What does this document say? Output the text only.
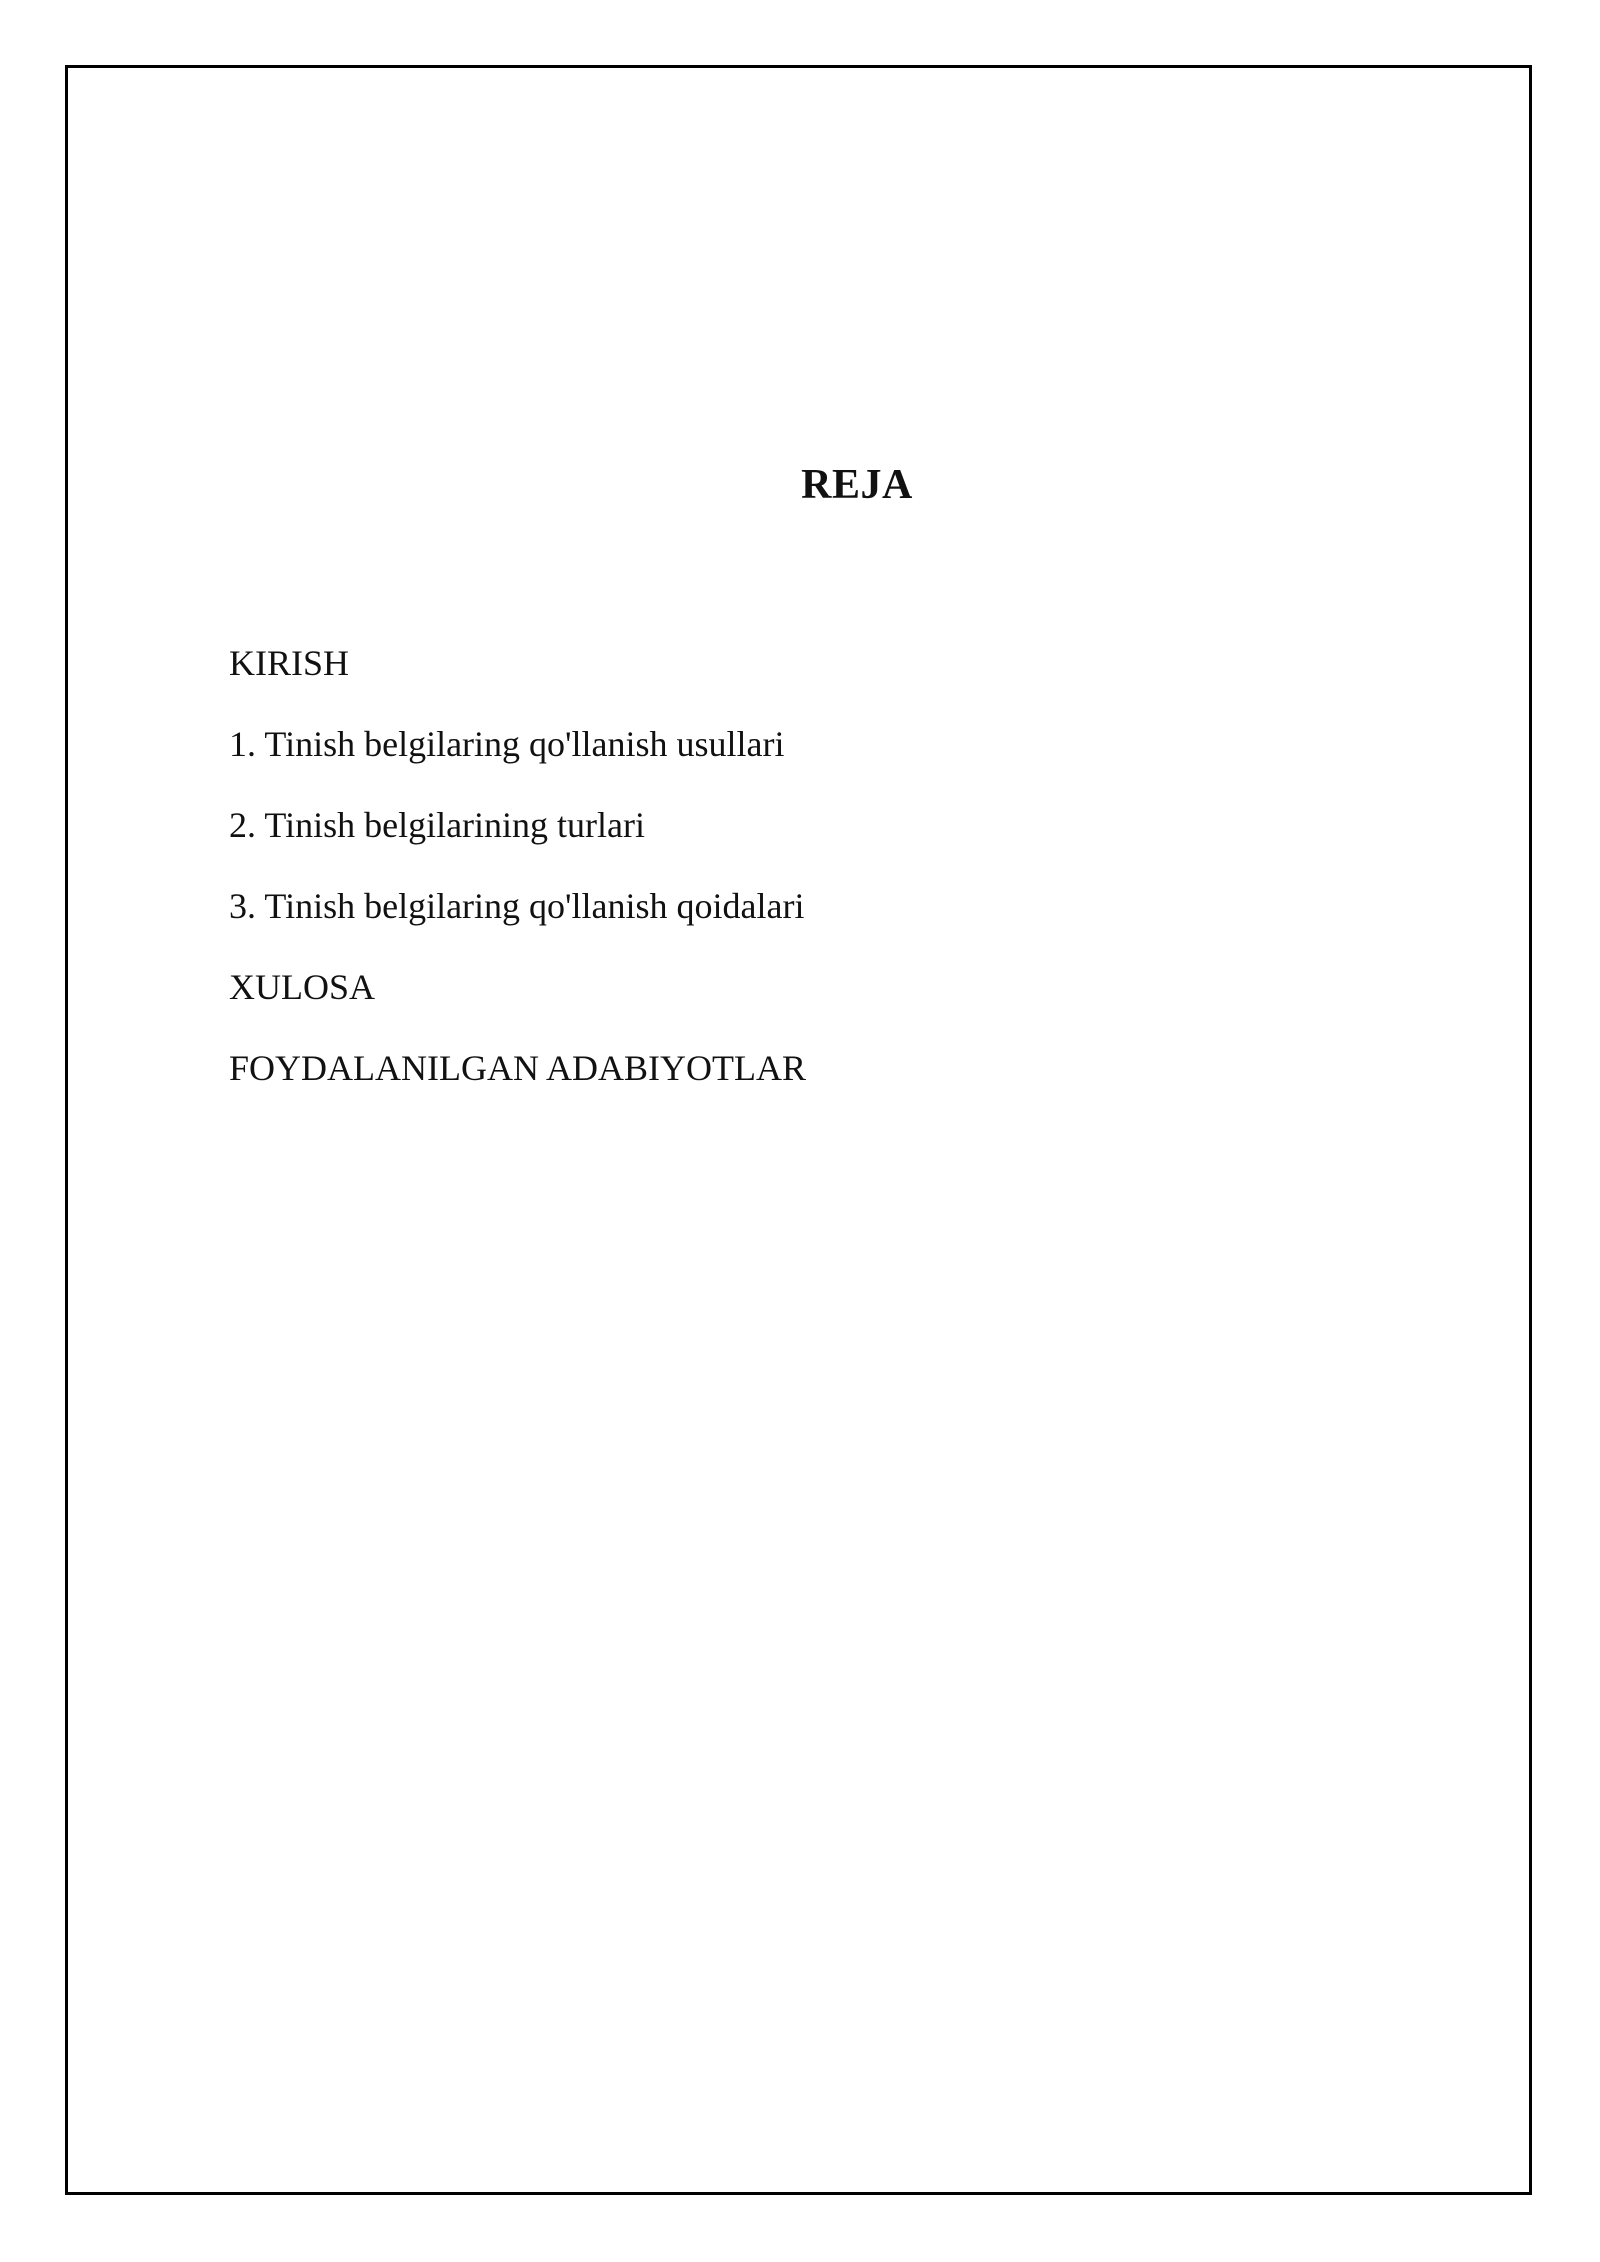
REJA
KIRISH
1. Tinish belgilaring qo'llanish usullari
2. Tinish belgilarining turlari
3. Tinish belgilaring qo'llanish qoidalari
XULOSA
FOYDALANILGAN ADABIYOTLAR
